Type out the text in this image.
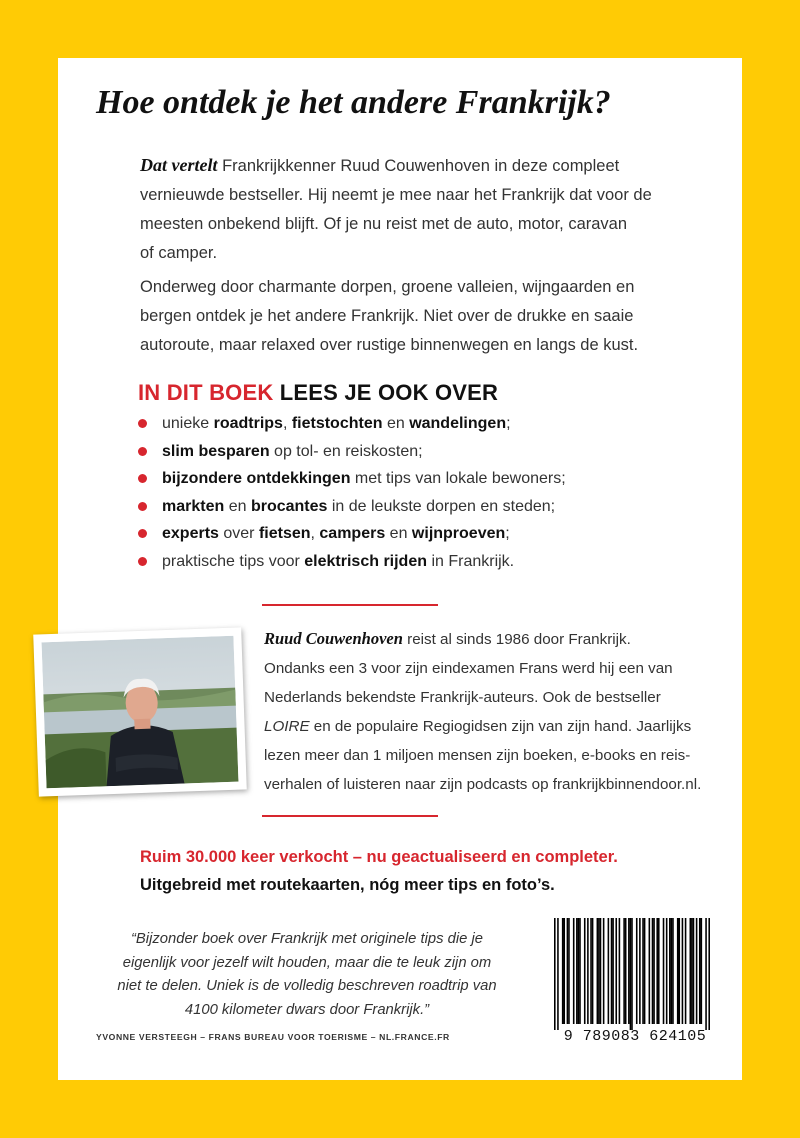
Hoe ontdek je het andere Frankrijk?
Dat vertelt Frankrijkkenner Ruud Couwenhoven in deze compleet
vernieuwde bestseller. Hij neemt je mee naar het Frankrijk dat voor de
meesten onbekend blijft. Of je nu reist met de auto, motor, caravan
of camper.
Onderweg door charmante dorpen, groene valleien, wijngaarden en
bergen ontdek je het andere Frankrijk. Niet over de drukke en saaie
autoroute, maar relaxed over rustige binnenwegen en langs de kust.
IN DIT BOEK LEES JE OOK OVER
unieke roadtrips, fietstochten en wandelingen;
slim besparen op tol- en reiskosten;
bijzondere ontdekkingen met tips van lokale bewoners;
markten en brocantes in de leukste dorpen en steden;
experts over fietsen, campers en wijnproeven;
praktische tips voor elektrisch rijden in Frankrijk.
Ruud Couwenhoven reist al sinds 1986 door Frankrijk.
Ondanks een 3 voor zijn eindexamen Frans werd hij een van
Nederlands bekendste Frankrijk-auteurs. Ook de bestseller
LOIRE en de populaire Regiogidsen zijn van zijn hand. Jaarlijks
lezen meer dan 1 miljoen mensen zijn boeken, e-books en reis-
verhalen of luisteren naar zijn podcasts op frankrijkbinnendoor.nl.
Ruim 30.000 keer verkocht – nu geactualiseerd en completer.
Uitgebreid met routekaarten, nóg meer tips en foto’s.
“Bijzonder boek over Frankrijk met originele tips die je
eigenlijk voor jezelf wilt houden, maar die te leuk zijn om
niet te delen. Uniek is de volledig beschreven roadtrip van
4100 kilometer dwars door Frankrijk.”
YVONNE VERSTEEGH – FRANS BUREAU VOOR TOERISME – NL.FRANCE.FR	9 789083 624105
